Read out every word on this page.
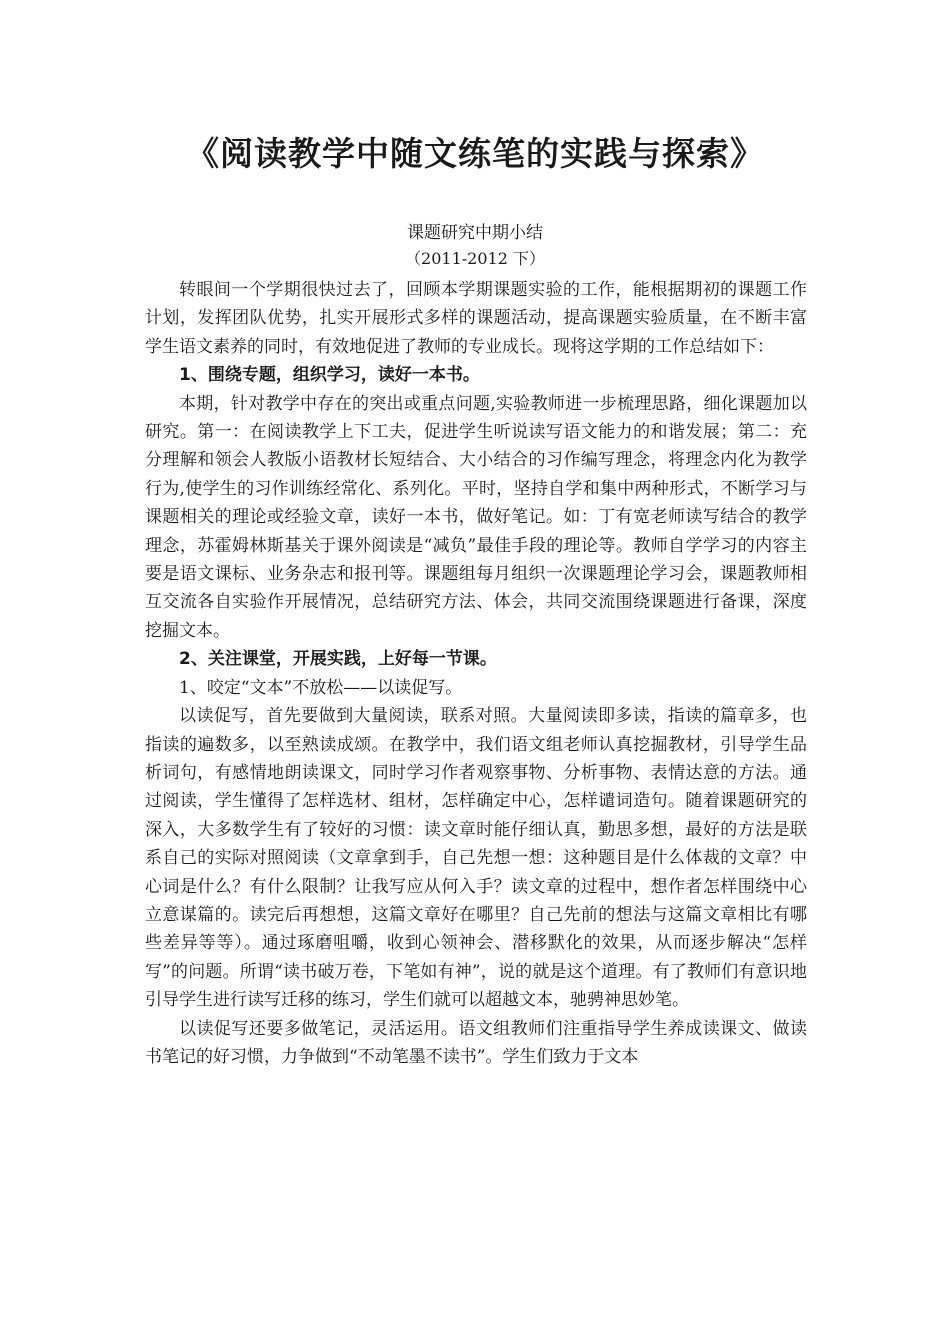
《阅读教学中随文练笔的实践与探索》

课题研究中期小结

（2011-2012 下）

转眼间一个学期很快过去了，回顾本学期课题实验的工作，能根据期初的课题工作计划，发挥团队优势，扎实开展形式多样的课题活动，提高课题实验质量，在不断丰富学生语文素养的同时，有效地促进了教师的专业成长。现将这学期的工作总结如下：

1、围绕专题，组织学习，读好一本书。

本期，针对教学中存在的突出或重点问题,实验教师进一步梳理思路，细化课题加以研究。第一：在阅读教学上下工夫，促进学生听说读写语文能力的和谐发展；第二：充分理解和领会人教版小语教材长短结合、大小结合的习作编写理念，将理念内化为教学行为,使学生的习作训练经常化、系列化。平时，坚持自学和集中两种形式，不断学习与课题相关的理论或经验文章，读好一本书，做好笔记。如：丁有宽老师读写结合的教学理念，苏霍姆林斯基关于课外阅读是“减负”最佳手段的理论等。教师自学学习的内容主要是语文课标、业务杂志和报刊等。课题组每月组织一次课题理论学习会，课题教师相互交流各自实验作开展情况，总结研究方法、体会，共同交流围绕课题进行备课，深度挖掘文本。

2、关注课堂，开展实践，上好每一节课。

1、咬定“文本”不放松——以读促写。

以读促写，首先要做到大量阅读，联系对照。大量阅读即多读，指读的篇章多，也指读的遍数多，以至熟读成颂。在教学中，我们语文组老师认真挖掘教材，引导学生品析词句，有感情地朗读课文，同时学习作者观察事物、分析事物、表情达意的方法。通过阅读，学生懂得了怎样选材、组材，怎样确定中心，怎样谴词造句。随着课题研究的深入，大多数学生有了较好的习惯：读文章时能仔细认真，勤思多想，最好的方法是联系自己的实际对照阅读（文章拿到手，自己先想一想：这种题目是什么体裁的文章？中心词是什么？有什么限制？让我写应从何入手？读文章的过程中，想作者怎样围绕中心立意谋篇的。读完后再想想，这篇文章好在哪里？自己先前的想法与这篇文章相比有哪些差异等等）。通过琢磨咀嚼，收到心领神会、潜移默化的效果，从而逐步解决“怎样写”的问题。所谓“读书破万卷，下笔如有神”，说的就是这个道理。有了教师们有意识地引导学生进行读写迁移的练习，学生们就可以超越文本，驰骋神思妙笔。

以读促写还要多做笔记，灵活运用。语文组教师们注重指导学生养成读课文、做读书笔记的好习惯，力争做到“不动笔墨不读书”。学生们致力于文本
